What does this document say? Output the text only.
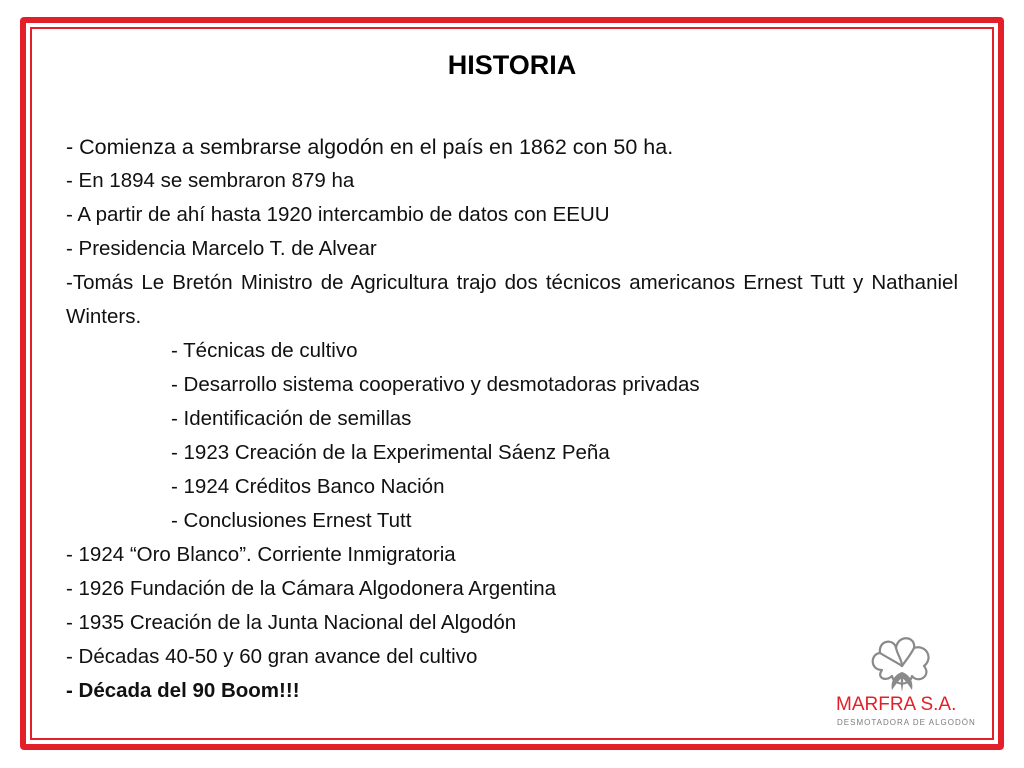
HISTORIA
- Comienza a sembrarse algodón en el país en 1862 con 50 ha.
- En 1894 se sembraron 879 ha
- A partir de ahí hasta 1920 intercambio de datos con EEUU
- Presidencia Marcelo T. de Alvear
-Tomás Le Bretón Ministro de Agricultura trajo dos técnicos americanos Ernest Tutt y Nathaniel Winters.
- Técnicas de cultivo
- Desarrollo sistema cooperativo y desmotadoras privadas
- Identificación de semillas
- 1923 Creación de la Experimental Sáenz Peña
- 1924 Créditos Banco Nación
- Conclusiones Ernest Tutt
- 1924 “Oro Blanco”. Corriente Inmigratoria
- 1926 Fundación de la Cámara Algodonera Argentina
- 1935 Creación de la Junta Nacional del Algodón
- Décadas 40-50 y 60 gran avance del cultivo
- Década del 90 Boom!!!
MARFRA S.A.
DESMOTADORA DE ALGODÓN
